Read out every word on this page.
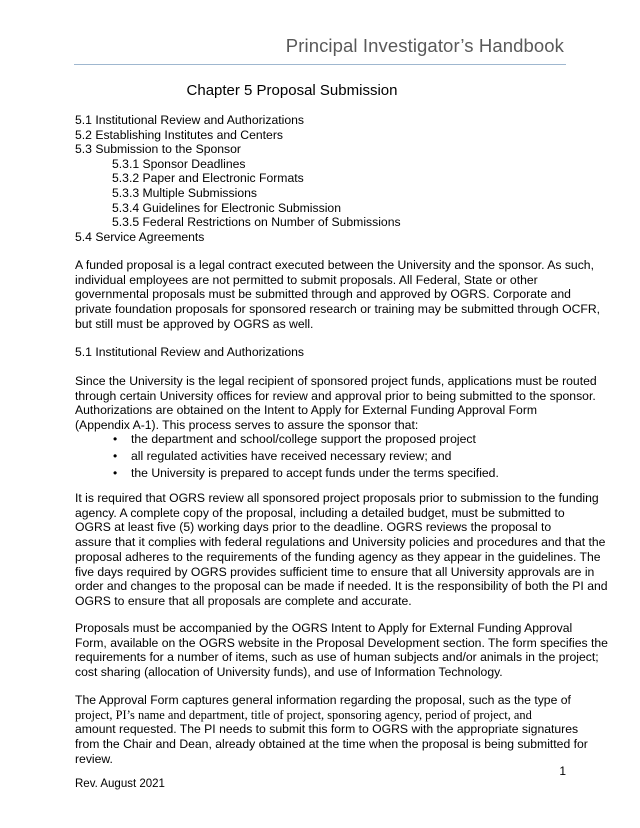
Principal Investigator’s Handbook
Chapter 5 Proposal Submission
5.1 Institutional Review and Authorizations
5.2 Establishing Institutes and Centers
5.3 Submission to the Sponsor
5.3.1 Sponsor Deadlines
5.3.2 Paper and Electronic Formats
5.3.3 Multiple Submissions
5.3.4 Guidelines for Electronic Submission
5.3.5 Federal Restrictions on Number of Submissions
5.4 Service Agreements
A funded proposal is a legal contract executed between the University and the sponsor. As such,
individual employees are not permitted to submit proposals. All Federal, State or other
governmental proposals must be submitted through and approved by OGRS. Corporate and
private foundation proposals for sponsored research or training may be submitted through OCFR,
but still must be approved by OGRS as well.
5.1 Institutional Review and Authorizations
Since the University is the legal recipient of sponsored project funds, applications must be routed
through certain University offices for review and approval prior to being submitted to the sponsor.
Authorizations are obtained on the Intent to Apply for External Funding Approval Form
(Appendix A-1). This process serves to assure the sponsor that:
• the department and school/college support the proposed project
• all regulated activities have received necessary review; and
• the University is prepared to accept funds under the terms specified.
It is required that OGRS review all sponsored project proposals prior to submission to the funding
agency. A complete copy of the proposal, including a detailed budget, must be submitted to
OGRS at least five (5) working days prior to the deadline. OGRS reviews the proposal to
assure that it complies with federal regulations and University policies and procedures and that the
proposal adheres to the requirements of the funding agency as they appear in the guidelines. The
five days required by OGRS provides sufficient time to ensure that all University approvals are in
order and changes to the proposal can be made if needed. It is the responsibility of both the PI and
OGRS to ensure that all proposals are complete and accurate.
Proposals must be accompanied by the OGRS Intent to Apply for External Funding Approval
Form, available on the OGRS website in the Proposal Development section. The form specifies the
requirements for a number of items, such as use of human subjects and/or animals in the project;
cost sharing (allocation of University funds), and use of Information Technology.
The Approval Form captures general information regarding the proposal, such as the type of
project, PI’s name and department, title of project, sponsoring agency, period of project, and
amount requested. The PI needs to submit this form to OGRS with the appropriate signatures
from the Chair and Dean, already obtained at the time when the proposal is being submitted for
review.
1
Rev. August 2021
